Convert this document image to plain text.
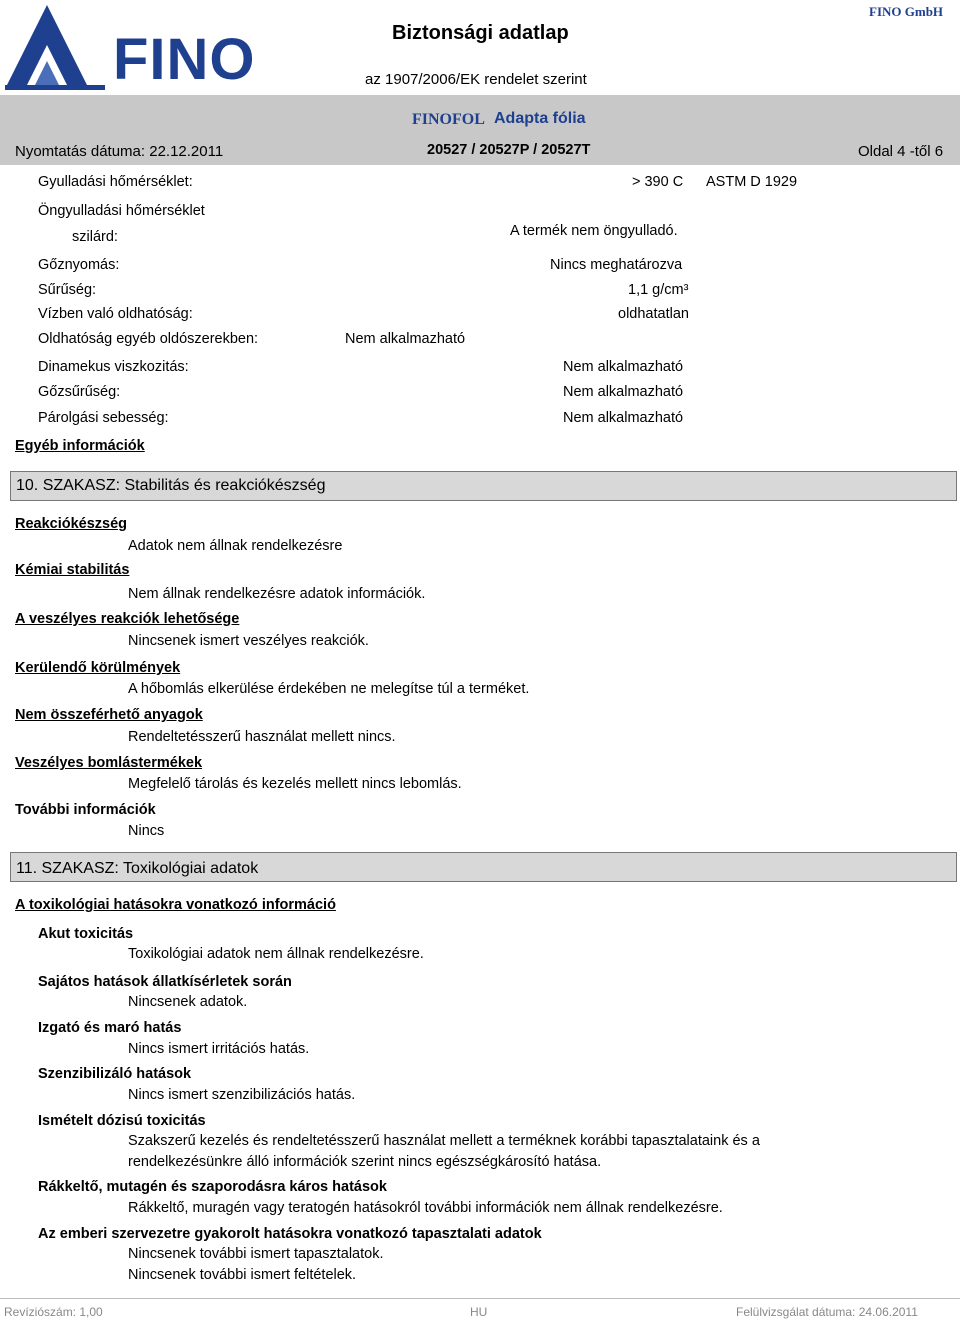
FINO	Biztonsági adatlap
az 1907/2006/EK rendelet szerint
FINO GmbH
FINOFOL Adapta fólia
Nyomtatás dátuma: 22.12.2011	20527 / 20527P / 20527T	Oldal 4 -től 6
Gyulladási hőmérséklet:	> 390 C ASTM D 1929
Öngyulladási hőmérséklet
szilárd:	A termék nem öngyulladó.
Gőznyomás:	Nincs meghatározva
Sűrűség:	1,1 g/cm³
Vízben való oldhatóság:	oldhatatlan
Oldhatóság egyéb oldószerekben:	Nem alkalmazható
Dinamekus viszkozitás:	Nem alkalmazható
Gőzsűrűség:	Nem alkalmazható
Párolgási sebesség:	Nem alkalmazható
Egyéb információk
10. SZAKASZ: Stabilitás és reakciókészség
Reakciókészség
Adatok nem állnak rendelkezésre
Kémiai stabilitás
Nem állnak rendelkezésre adatok információk.
A veszélyes reakciók lehetősége
Nincsenek ismert veszélyes reakciók.
Kerülendő körülmények
A hőbomlás elkerülése érdekében ne melegítse túl a terméket.
Nem összeférhető anyagok
Rendeltetésszerű használat mellett nincs.
Veszélyes bomlástermékek
Megfelelő tárolás és kezelés mellett nincs lebomlás.
További információk
Nincs
11. SZAKASZ: Toxikológiai adatok
A toxikológiai hatásokra vonatkozó információ
Akut toxicitás
Toxikológiai adatok nem állnak rendelkezésre.
Sajátos hatások állatkísérletek során
Nincsenek adatok.
Izgató és maró hatás
Nincs ismert irritációs hatás.
Szenzibilizáló hatások
Nincs ismert szenzibilizációs hatás.
Ismételt dózisú toxicitás
Szakszerű kezelés és rendeltetésszerű használat mellett a terméknek korábbi tapasztalataink és a
rendelkezésünkre álló információk szerint nincs egészségkárosító hatása.
Rákkeltő, mutagén és szaporodásra káros hatások
Rákkeltő, muragén vagy teratogén hatásokról további információk nem állnak rendelkezésre.
Az emberi szervezetre gyakorolt hatásokra vonatkozó tapasztalati adatok
Nincsenek további ismert tapasztalatok.
Nincsenek további ismert feltételek.
Revíziószám: 1,00	HU	Felülvizsgálat dátuma: 24.06.2011
